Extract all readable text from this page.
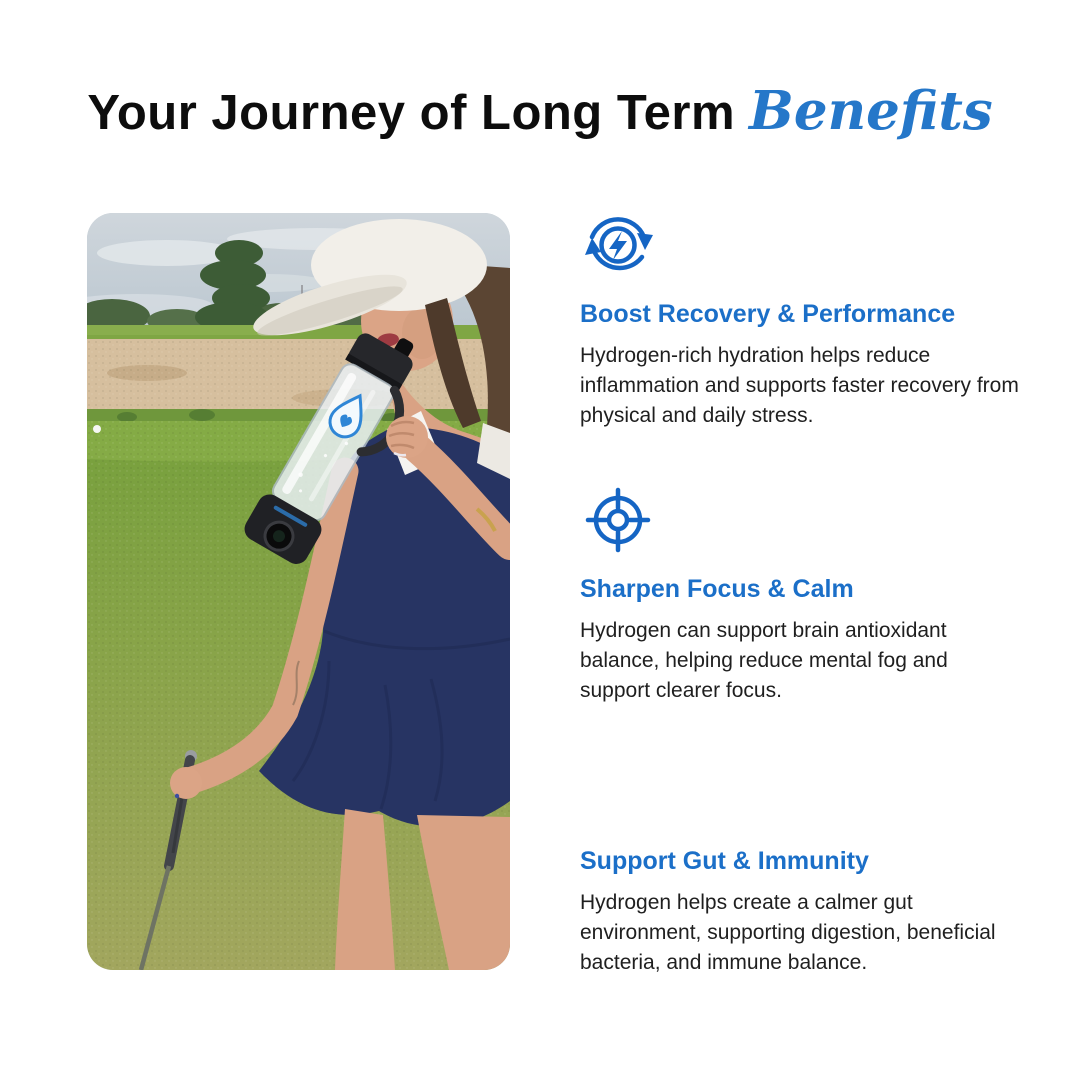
Your Journey of Long Term Benefits
Boost Recovery & Performance

Hydrogen-rich hydration helps reduce inflammation and supports faster recovery from physical and daily stress.

Sharpen Focus & Calm

Hydrogen can support brain antioxidant balance, helping reduce mental fog and support clearer focus.

Support Gut & Immunity

Hydrogen helps create a calmer gut environment, supporting digestion, beneficial bacteria, and immune balance.
